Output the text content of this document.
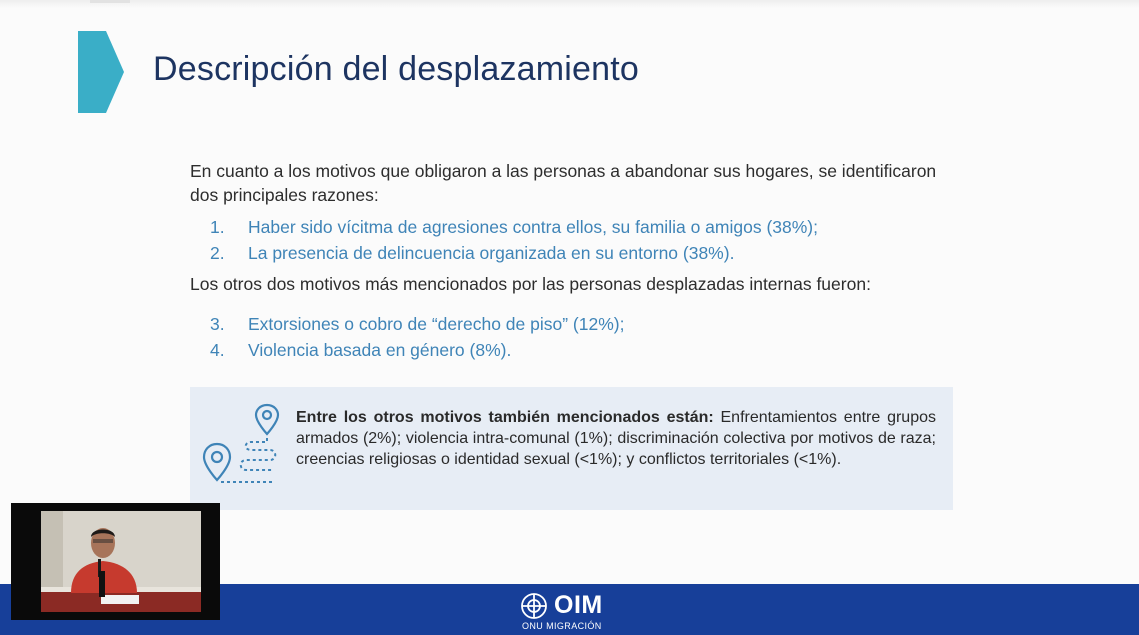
Descripción del desplazamiento
En cuanto a los motivos que obligaron a las personas a abandonar sus hogares, se identificaron dos principales razones:
1. Haber sido vícitma de agresiones contra ellos, su familia o amigos (38%);
2. La presencia de delincuencia organizada en su entorno (38%).
Los otros dos motivos más mencionados por las personas desplazadas internas fueron:
3. Extorsiones o cobro de “derecho de piso” (12%);
4. Violencia basada en género (8%).
Entre los otros motivos también mencionados están: Enfrentamientos entre grupos armados (2%); violencia intra-comunal (1%); discriminación colectiva por motivos de raza; creencias religiosas o identidad sexual (<1%); y conflictos territoriales (<1%).
OIM
ONU MIGRACIÓN
